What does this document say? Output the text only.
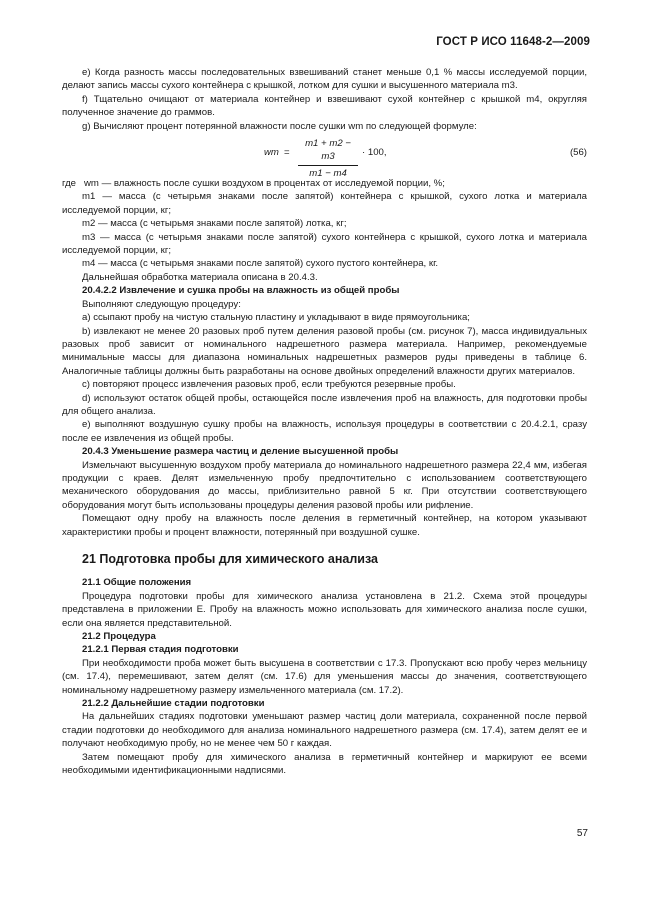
ГОСТ Р ИСО 11648-2—2009

e) Когда разность массы последовательных взвешиваний станет меньше 0,1 % массы исследуемой порции, делают запись массы сухого контейнера с крышкой, лотком для сушки и высушенного материала m3.

f) Тщательно очищают от материала контейнер и взвешивают сухой контейнер с крышкой m4, округляя полученное значение до граммов.

g) Вычисляют процент потерянной влажности после сушки wm по следующей формуле:

wm = $\frac{m1 + m2 - m3}{m1 - m4} \cdot 100$,	(56)
где wm — влажность после сушки воздухом в процентах от исследуемой порции, %;

m1 — масса (с четырьмя знаками после запятой) контейнера с крышкой, сухого лотка и материала исследуемой порции, кг;

m2 — масса (с четырьмя знаками после запятой) лотка, кг;

m3 — масса (с четырьмя знаками после запятой) сухого контейнера с крышкой, сухого лотка и материала исследуемой порции, кг;

m4 — масса (с четырьмя знаками после запятой) сухого пустого контейнера, кг.

Дальнейшая обработка материала описана в 20.4.3.

20.4.2.2 Извлечение и сушка пробы на влажность из общей пробы

Выполняют следующую процедуру:

a) ссыпают пробу на чистую стальную пластину и укладывают в виде прямоугольника;

b) извлекают не менее 20 разовых проб путем деления разовой пробы (см. рисунок 7), масса индивидуальных разовых проб зависит от номинального надрешетного размера материала. Например, рекомендуемые минимальные массы для диапазона номинальных надрешетных размеров руды приведены в таблице 6. Аналогичные таблицы должны быть разработаны на основе двойных определений влажности других материалов.

c) повторяют процесс извлечения разовых проб, если требуются резервные пробы.

d) используют остаток общей пробы, остающейся после извлечения проб на влажность, для подготовки пробы для общего анализа.

e) выполняют воздушную сушку пробы на влажность, используя процедуры в соответствии с 20.4.2.1, сразу после ее извлечения из общей пробы.

20.4.3 Уменьшение размера частиц и деление высушенной пробы

Измельчают высушенную воздухом пробу материала до номинального надрешетного размера 22,4 мм, избегая продукции с краев. Делят измельченную пробу предпочтительно с использованием соответствующего механического оборудования до массы, приблизительно равной 5 кг. При отсутствии соответствующего оборудования могут быть использованы процедуры деления разовой пробы или рифление.

Помещают одну пробу на влажность после деления в герметичный контейнер, на котором указывают характеристики пробы и процент влажности, потерянный при воздушной сушке.

21 Подготовка пробы для химического анализа

21.1 Общие положения

Процедура подготовки пробы для химического анализа установлена в 21.2. Схема этой процедуры представлена в приложении Е. Пробу на влажность можно использовать для химического анализа после сушки, если она является представительной.

21.2 Процедура

21.2.1 Первая стадия подготовки

При необходимости проба может быть высушена в соответствии с 17.3. Пропускают всю пробу через мельницу (см. 17.4), перемешивают, затем делят (см. 17.6) для уменьшения массы до значения, соответствующего номинальному надрешетному размеру измельченного материала (см. 17.2).

21.2.2 Дальнейшие стадии подготовки

На дальнейших стадиях подготовки уменьшают размер частиц доли материала, сохраненной после первой стадии подготовки до необходимого для анализа номинального надрешетного размера (см. 17.4), затем делят ее и получают необходимую пробу, но не менее чем 50 г каждая.

Затем помещают пробу для химического анализа в герметичный контейнер и маркируют ее всеми необходимыми идентификационными надписями.

57
